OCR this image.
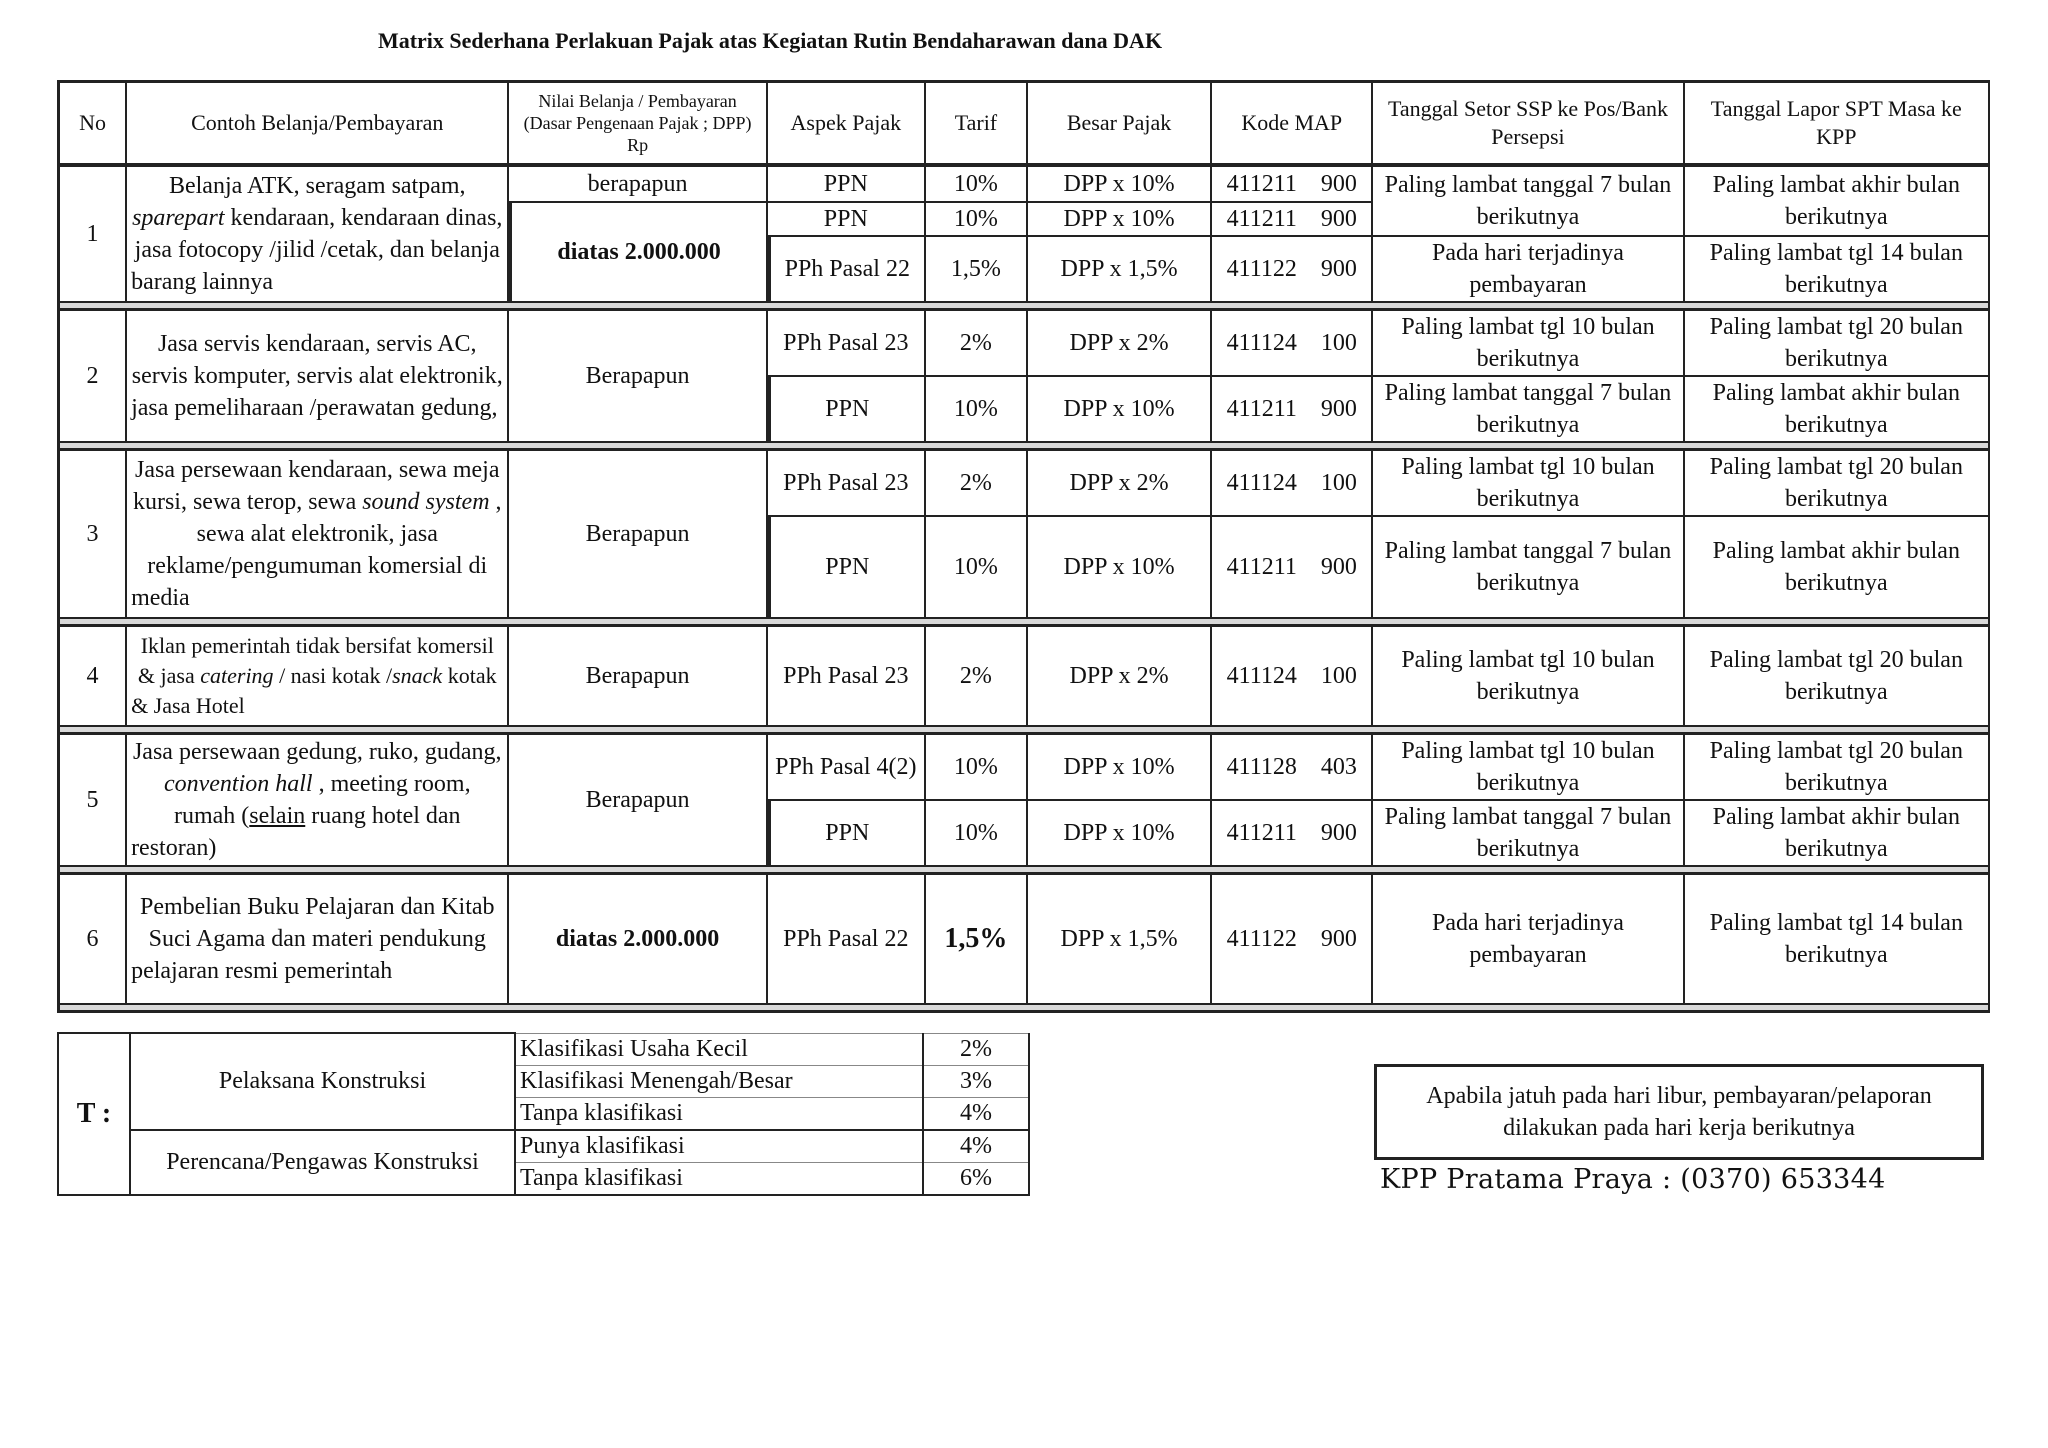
Matrix Sederhana Perlakuan Pajak atas Kegiatan Rutin Bendaharawan dana DAK
No	Contoh Belanja/Pembayaran	Nilai Belanja / Pembayaran (Dasar Pengenaan Pajak ; DPP) Rp	Aspek Pajak	Tarif	Besar Pajak	Kode MAP	Tanggal Setor SSP ke Pos/Bank Persepsi	Tanggal Lapor SPT Masa ke KPP
1	Belanja ATK, seragam satpam, sparepart kendaraan, kendaraan dinas, jasa fotocopy /jilid /cetak, dan belanja barang lainnya	berapapun	PPN	10%	DPP x 10%	411211    900	Paling lambat tanggal 7 bulan berikutnya	Paling lambat akhir bulan berikutnya
		diatas 2.000.000	PPN	10%	DPP x 10%	411211    900		
			PPh Pasal 22	1,5%	DPP x 1,5%	411122    900	Pada hari terjadinya pembayaran	Paling lambat tgl 14 bulan berikutnya

2	Jasa servis kendaraan, servis AC, servis komputer, servis alat elektronik, jasa pemeliharaan /perawatan gedung,	Berapapun	PPh Pasal 23	2%	DPP x 2%	411124    100	Paling lambat tgl 10 bulan berikutnya	Paling lambat tgl 20 bulan berikutnya
			PPN	10%	DPP x 10%	411211    900	Paling lambat tanggal 7 bulan berikutnya	Paling lambat akhir bulan berikutnya

3	Jasa persewaan kendaraan, sewa meja kursi, sewa terop, sewa sound system , sewa alat elektronik, jasa reklame/pengumuman komersial di media	Berapapun	PPh Pasal 23	2%	DPP x 2%	411124    100	Paling lambat tgl 10 bulan berikutnya	Paling lambat tgl 20 bulan berikutnya
			PPN	10%	DPP x 10%	411211    900	Paling lambat tanggal 7 bulan berikutnya	Paling lambat akhir bulan berikutnya

4	Iklan pemerintah tidak bersifat komersil & jasa catering / nasi kotak /snack kotak & Jasa Hotel	Berapapun	PPh Pasal 23	2%	DPP x 2%	411124    100	Paling lambat tgl 10 bulan berikutnya	Paling lambat tgl 20 bulan berikutnya

5	Jasa persewaan gedung, ruko, gudang, convention hall , meeting room, rumah (selain ruang hotel dan restoran)	Berapapun	PPh Pasal 4(2)	10%	DPP x 10%	411128    403	Paling lambat tgl 10 bulan berikutnya	Paling lambat tgl 20 bulan berikutnya
			PPN	10%	DPP x 10%	411211    900	Paling lambat tanggal 7 bulan berikutnya	Paling lambat akhir bulan berikutnya

6	Pembelian Buku Pelajaran dan Kitab Suci Agama dan materi pendukung pelajaran resmi pemerintah	diatas 2.000.000	PPh Pasal 22	1,5%	DPP x 1,5%	411122    900	Pada hari terjadinya pembayaran	Paling lambat tgl 14 bulan berikutnya

T :	Pelaksana Konstruksi	Klasifikasi Usaha Kecil	2%
		Klasifikasi Menengah/Besar	3%
		Tanpa klasifikasi	4%
	Perencana/Pengawas Konstruksi	Punya klasifikasi	4%
		Tanpa klasifikasi	6%
Apabila jatuh pada hari libur, pembayaran/pelaporan dilakukan pada hari kerja berikutnya
KPP Pratama Praya : (0370) 653344
